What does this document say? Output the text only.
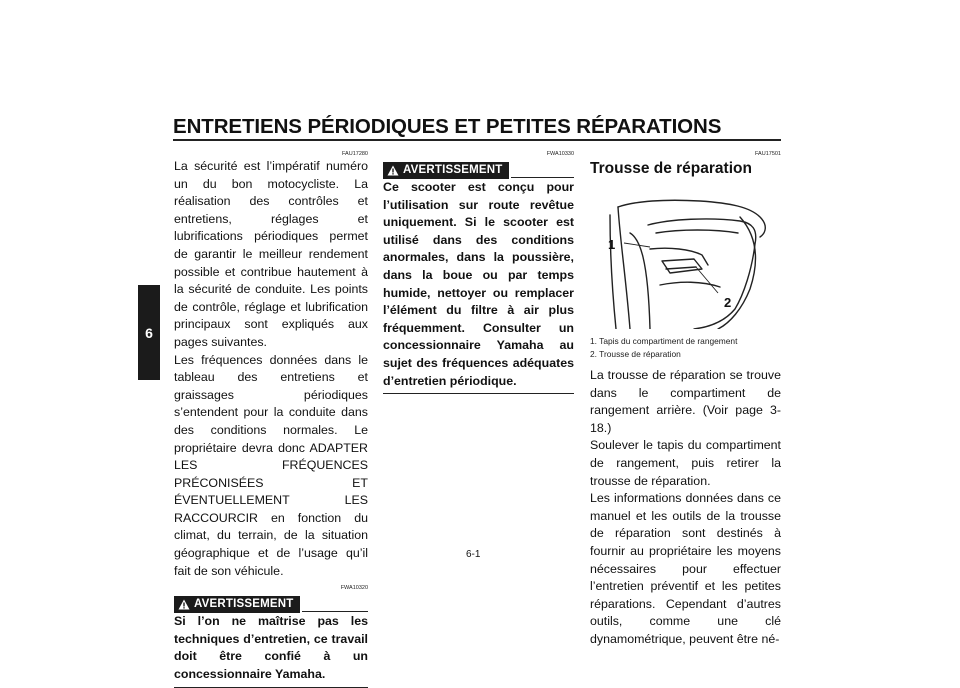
ENTRETIENS PÉRIODIQUES ET PETITES RÉPARATIONS
6
FAU17280

La sécurité est l’impératif numéro un du bon motocycliste. La réalisation des contrôles et entretiens, réglages et lubrifications périodiques permet de garantir le meilleur rendement possible et contribue hautement à la sécurité de conduite. Les points de contrôle, réglage et lubrification principaux sont expliqués aux pages suivantes.

Les fréquences données dans le tableau des entretiens et graissages périodiques s’entendent pour la conduite dans des conditions normales. Le propriétaire devra donc ADAPTER LES FRÉQUENCES PRÉCONISÉES ET ÉVENTUELLEMENT LES RACCOURCIR en fonction du climat, du terrain, de la situation géographique et de l’usage qu’il fait de son véhicule.

FWA10320
AVERTISSEMENT

Si l’on ne maîtrise pas les techniques d’entretien, ce travail doit être confié à un concessionnaire Yamaha.

FWA10330
AVERTISSEMENT

Ce scooter est conçu pour l’utilisation sur route revêtue uniquement. Si le scooter est utilisé dans des conditions anormales, dans la poussière, dans la boue ou par temps humide, nettoyer ou remplacer l’élément du filtre à air plus fréquemment. Consulter un concessionnaire Yamaha au sujet des fréquences adéquates d’entretien périodique.

FAU17501
Trousse de réparation
1
2
1. Tapis du compartiment de rangement
2. Trousse de réparation

La trousse de réparation se trouve dans le compartiment de rangement arrière. (Voir page 3-18.)

Soulever le tapis du compartiment de rangement, puis retirer la trousse de réparation.

Les informations données dans ce manuel et les outils de la trousse de réparation sont destinés à fournir au propriétaire les moyens nécessaires pour effectuer l’entretien préventif et les petites réparations. Cependant d’autres outils, comme une clé dynamométrique, peuvent être né-

6-1
